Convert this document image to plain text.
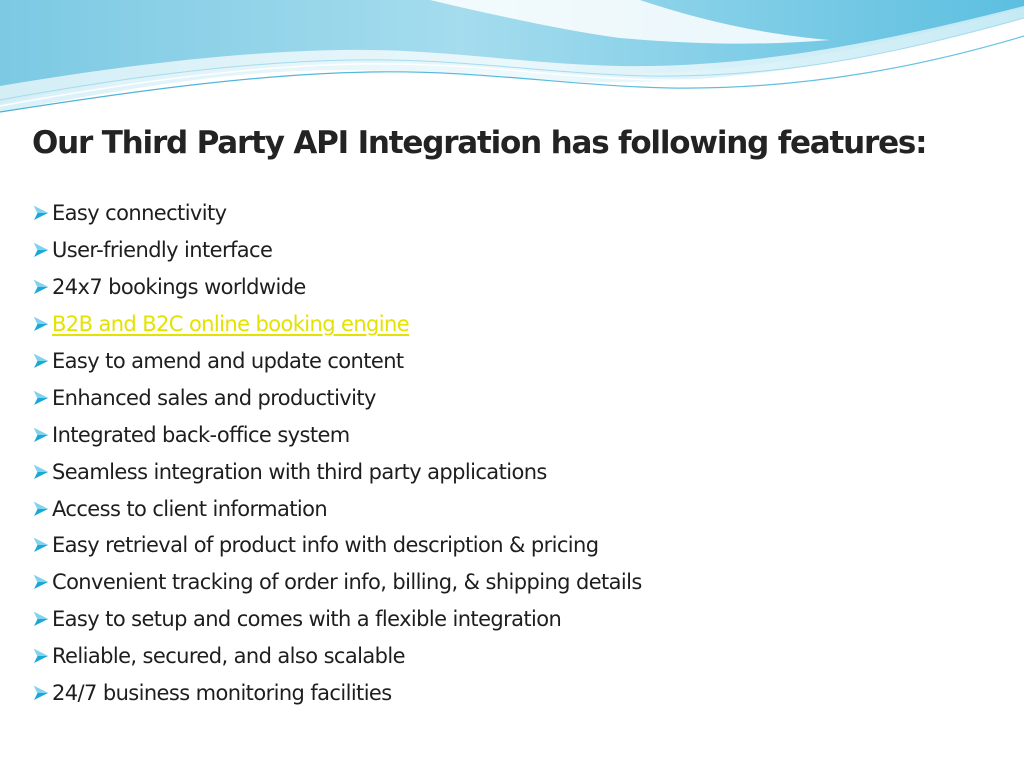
Our Third Party API Integration has following features:
Easy connectivity
User-friendly interface
24x7 bookings worldwide
B2B and B2C online booking engine
Easy to amend and update content
Enhanced sales and productivity
Integrated back-office system
Seamless integration with third party applications
Access to client information
Easy retrieval of product info with description & pricing
Convenient tracking of order info, billing, & shipping details
Easy to setup and comes with a flexible integration
Reliable, secured, and also scalable
24/7 business monitoring facilities
